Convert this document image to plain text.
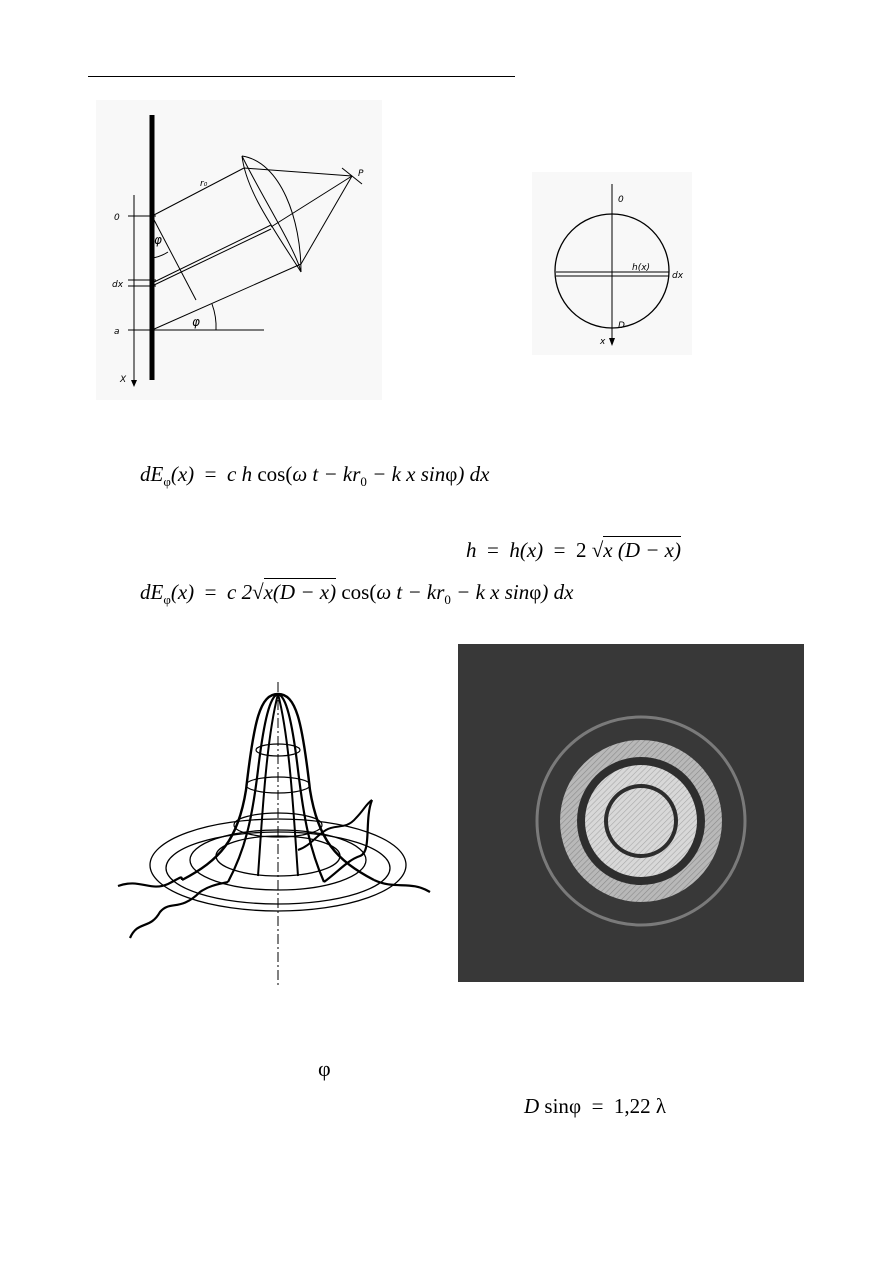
0
dx
a
X
r₀
φ
φ
P
0
h(x)
dx
D
x
$dE_\varphi(x) = c$ h cos(ω $t - kr_0 - k$ x sinφ) dx
h = h(x) = 2 √x (D − x)
$dE_\varphi(x) = c$ 2√x(D − x) cos(ω $t - kr_0 - k$ x sinφ) dx
φ
D sinφ = 1,22 λ
